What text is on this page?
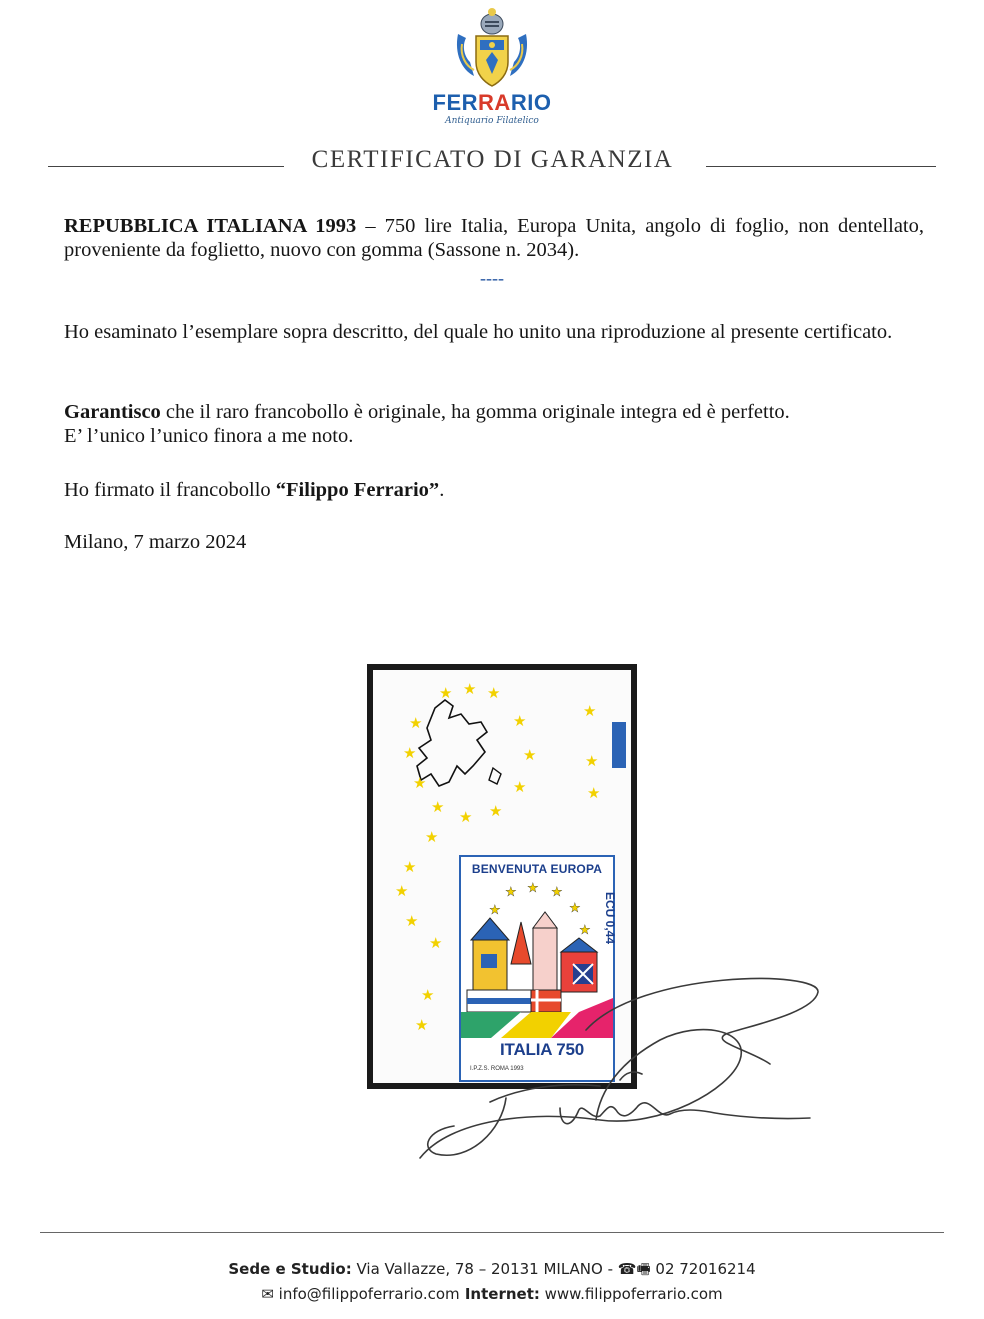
FERRARIO
Antiquario Filatelico
CERTIFICATO DI GARANZIA
REPUBBLICA ITALIANA 1993 – 750 lire Italia, Europa Unita, angolo di foglio, non dentellato, proveniente da foglietto, nuovo con gomma (Sassone n. 2034).
----
Ho esaminato l’esemplare sopra descritto, del quale ho unito una riproduzione al presente certificato.
Garantisco che il raro francobollo è originale, ha gomma originale integra ed è perfetto.
E’ l’unico l’unico finora a me noto.
Ho firmato il francobollo “Filippo Ferrario”.
Milano, 7 marzo 2024
★ ★ ★
★	★
★	★
★	★
★	★
★
★
★
★
★
★
★
★
★
★
★
BENVENUTA EUROPA
ECU 0,44
★ ★ ★
★	★
★
ITALIA 750
I.P.Z.S. ROMA 1993
Sede e Studio: Via Vallazze, 78 – 20131 MILANO - ☎🖷 02 72016214
✉ info@filippoferrario.com Internet: www.filippoferrario.com
